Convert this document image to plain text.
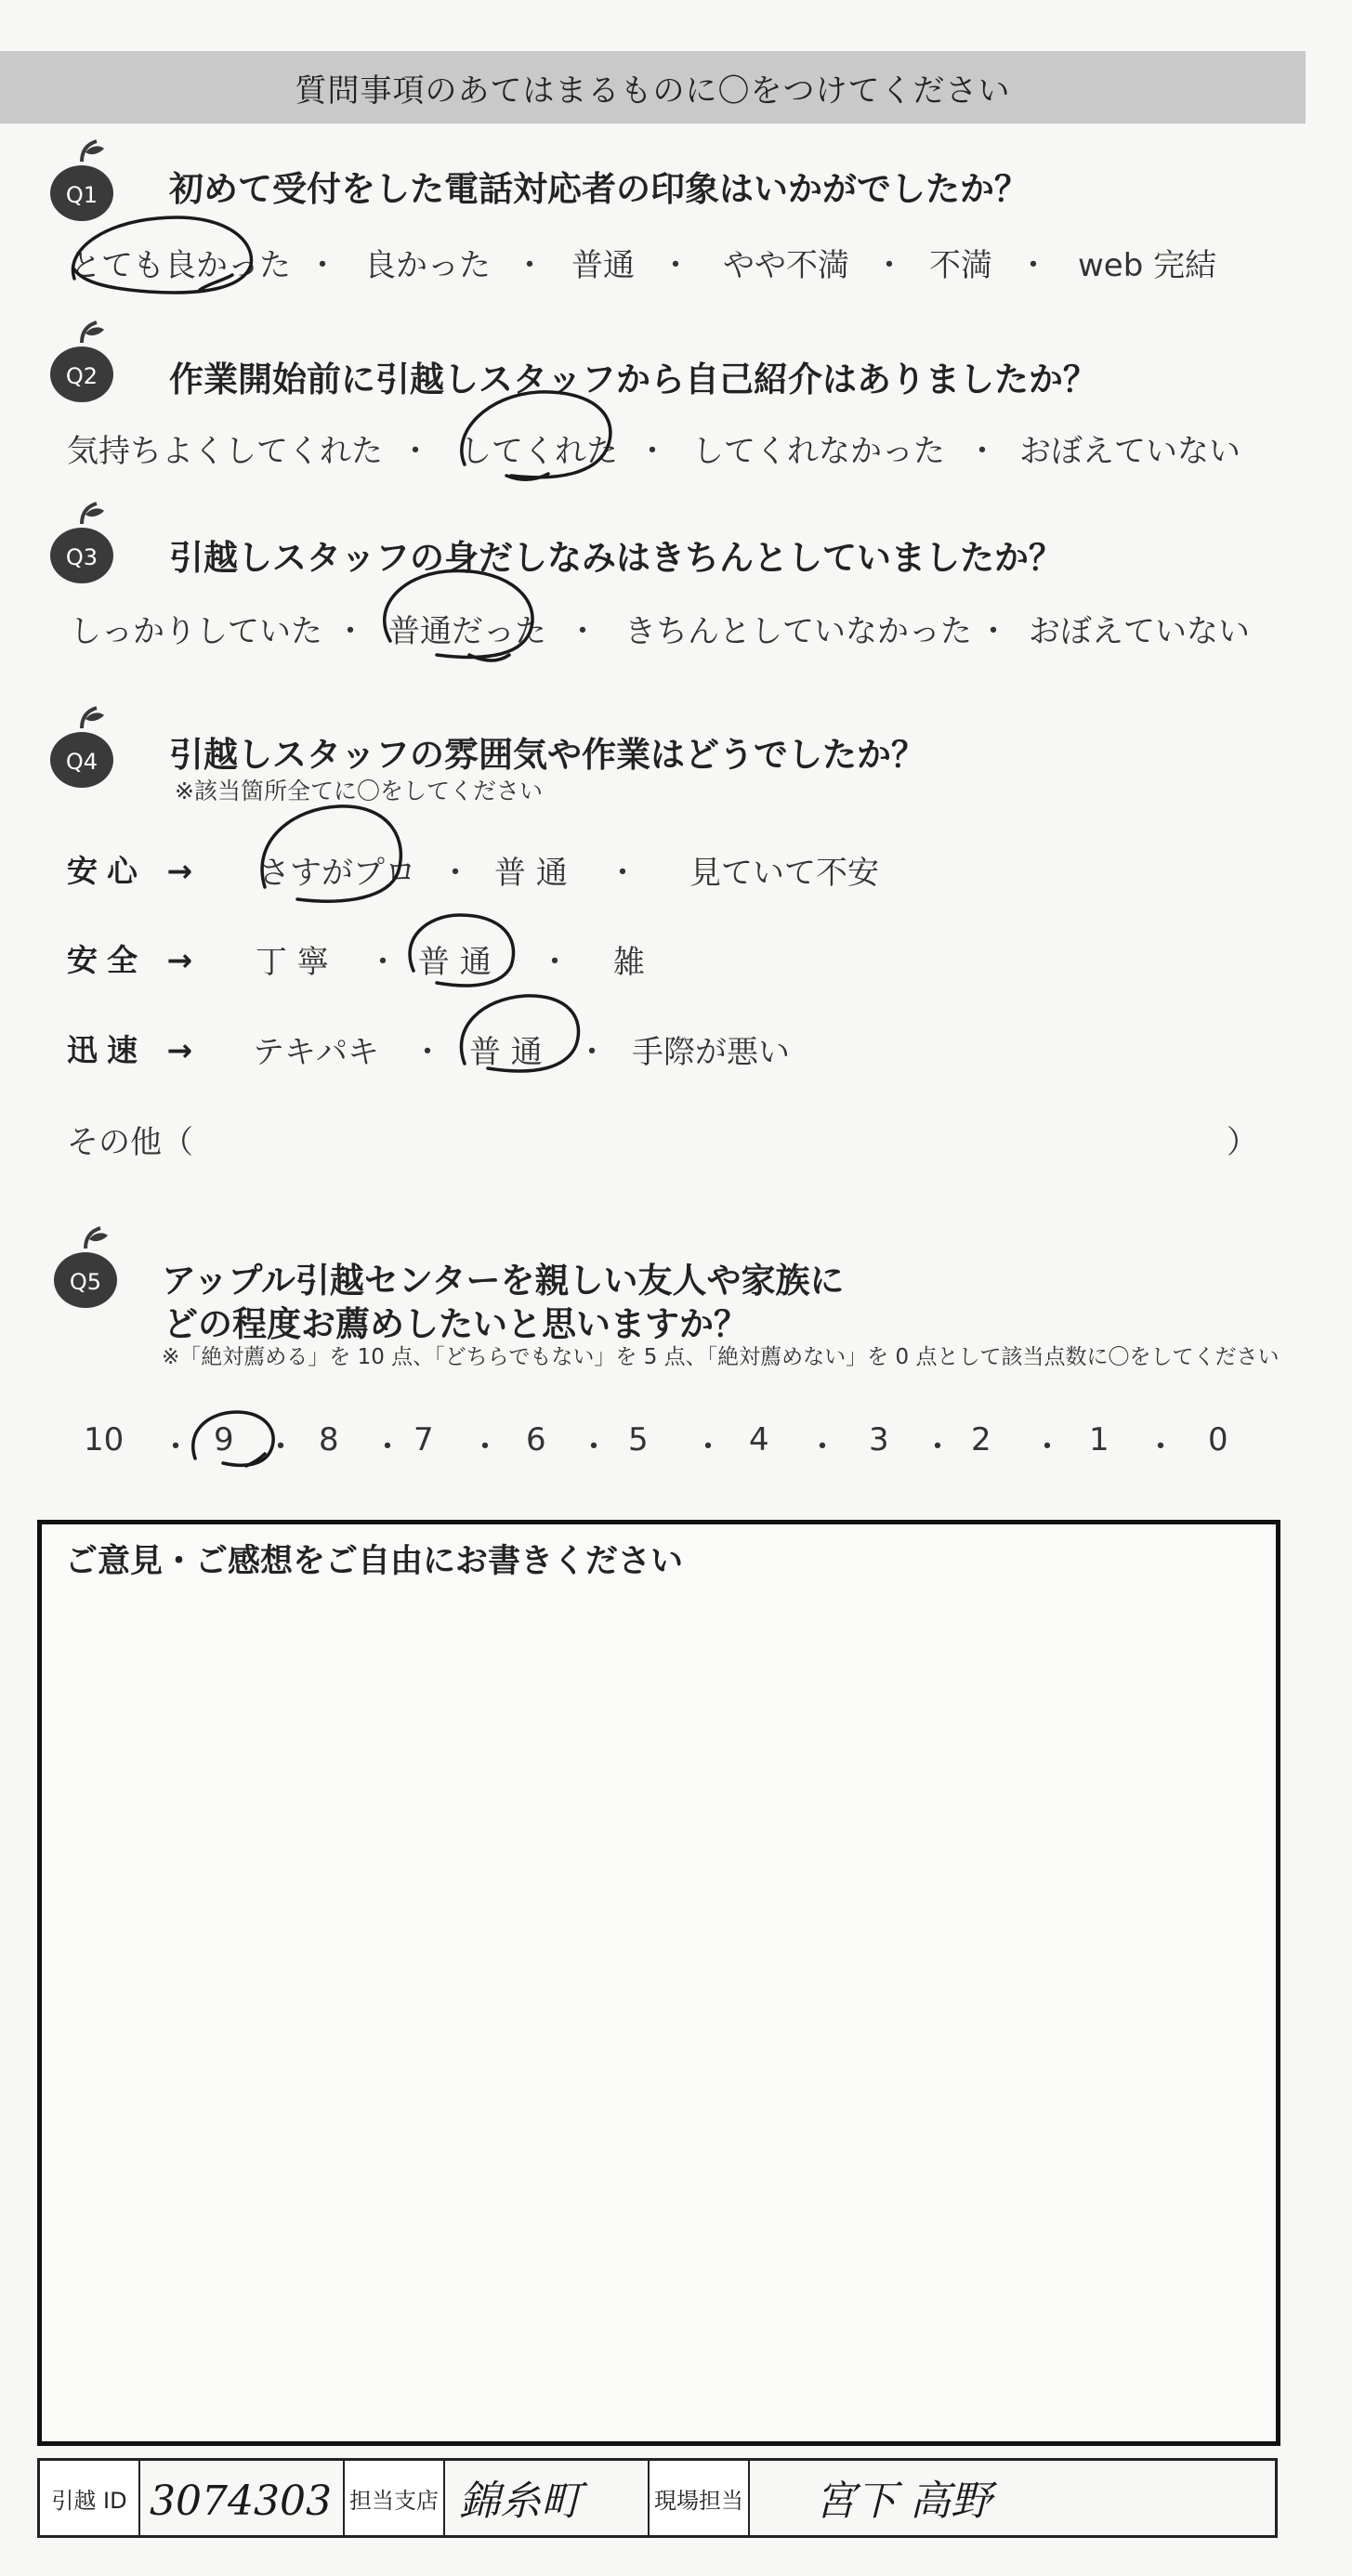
質問事項のあてはまるものに〇をつけてください
Q1 初めて受付をした電話対応者の印象はいかがでしたか？
とても良かった ・ 良かった ・ 普通 ・ やや不満 ・ 不満 ・ web 完結
Q2 作業開始前に引越しスタッフから自己紹介はありましたか？
気持ちよくしてくれた ・ してくれた ・ してくれなかった ・ おぼえていない
Q3 引越しスタッフの身だしなみはきちんとしていましたか？
しっかりしていた ・ 普通だった ・ きちんとしていなかった ・ おぼえていない
Q4 引越しスタッフの雰囲気や作業はどうでしたか？
※該当箇所全てに〇をしてください
安心 → さすがプロ ・ 普 通 ・ 見ていて不安
安全 → 丁 寧 ・ 普 通 ・ 雑
迅速 → テキパキ ・ 普 通 ・ 手際が悪い
その他（	）
Q5 アップル引越センターを親しい友人や家族に
どの程度お薦めしたいと思いますか？
※「絶対薦める」を 10 点、「どちらでもない」を 5 点、「絶対薦めない」を 0 点として該当点数に〇をしてください
10 ・ 9 ・ 8 ・ 7 ・ 6 ・ 5 ・ 4 ・ 3 ・ 2 ・ 1 ・ 0
ご意見・ご感想をご自由にお書きください
引越 ID 3074303 担当支店 錦糸町	現場担当 宮下 高野
